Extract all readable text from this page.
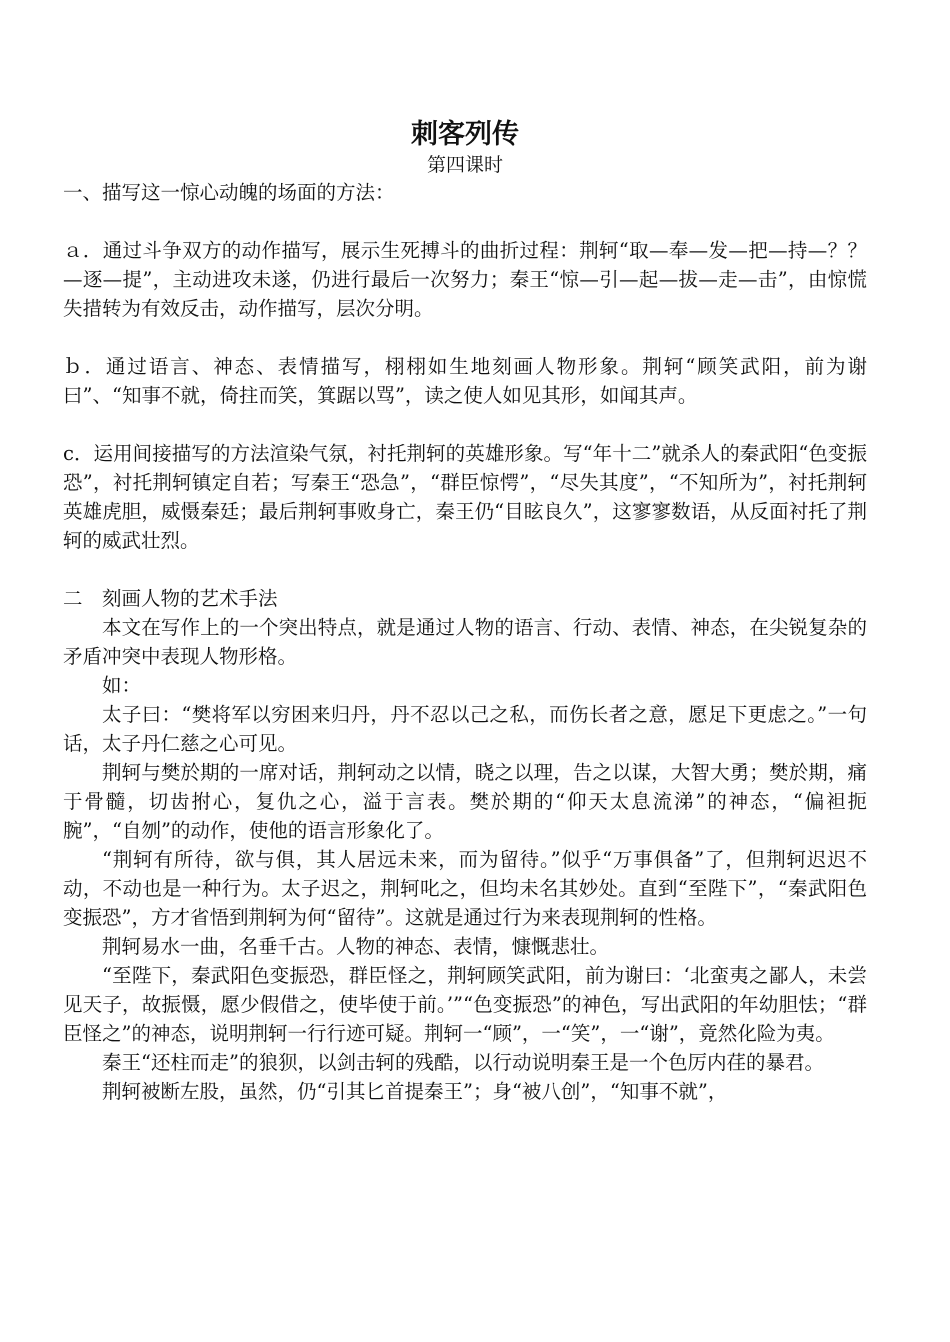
刺客列传
第四课时

一、描写这一惊心动魄的场面的方法：

ａ．通过斗争双方的动作描写，展示生死搏斗的曲折过程：荆轲“取—奉—发—把—持—？？—逐—提”，主动进攻未遂，仍进行最后一次努力；秦王“惊—引—起—拔—走—击”，由惊慌失措转为有效反击，动作描写，层次分明。

ｂ．通过语言、神态、表情描写，栩栩如生地刻画人物形象。荆轲“顾笑武阳，前为谢曰”、“知事不就，倚拄而笑，箕踞以骂”，读之使人如见其形，如闻其声。

c．运用间接描写的方法渲染气氛，衬托荆轲的英雄形象。写“年十二”就杀人的秦武阳“色变振恐”，衬托荆轲镇定自若；写秦王“恐急”，“群臣惊愕”，“尽失其度”，“不知所为”，衬托荆轲英雄虎胆，威慑秦廷；最后荆轲事败身亡，秦王仍“目眩良久”，这寥寥数语，从反面衬托了荆轲的威武壮烈。

二　刻画人物的艺术手法

本文在写作上的一个突出特点，就是通过人物的语言、行动、表情、神态，在尖锐复杂的矛盾冲突中表现人物形格。

如：

太子曰：“樊将军以穷困来归丹，丹不忍以己之私，而伤长者之意，愿足下更虑之。”一句话，太子丹仁慈之心可见。

荆轲与樊於期的一席对话，荆轲动之以情，晓之以理，告之以谋，大智大勇；樊於期，痛于骨髓，切齿拊心，复仇之心，溢于言表。樊於期的“仰天太息流涕”的神态，“偏袒扼腕”，“自刎”的动作，使他的语言形象化了。

“荆轲有所待，欲与俱，其人居远未来，而为留待。”似乎“万事俱备”了，但荆轲迟迟不动，不动也是一种行为。太子迟之，荆轲叱之，但均未名其妙处。直到“至陛下”，“秦武阳色变振恐”，方才省悟到荆轲为何“留待”。这就是通过行为来表现荆轲的性格。

荆轲易水一曲，名垂千古。人物的神态、表情，慷慨悲壮。

“至陛下，秦武阳色变振恐，群臣怪之，荆轲顾笑武阳，前为谢曰：‘北蛮夷之鄙人，未尝见天子，故振慑，愿少假借之，使毕使于前。’”“色变振恐”的神色，写出武阳的年幼胆怯；“群臣怪之”的神态，说明荆轲一行行迹可疑。荆轲一“顾”，一“笑”，一“谢”，竟然化险为夷。

秦王“还柱而走”的狼狈，以剑击轲的残酷，以行动说明秦王是一个色厉内荏的暴君。

荆轲被断左股，虽然，仍“引其匕首提秦王”；身“被八创”，“知事不就”，
